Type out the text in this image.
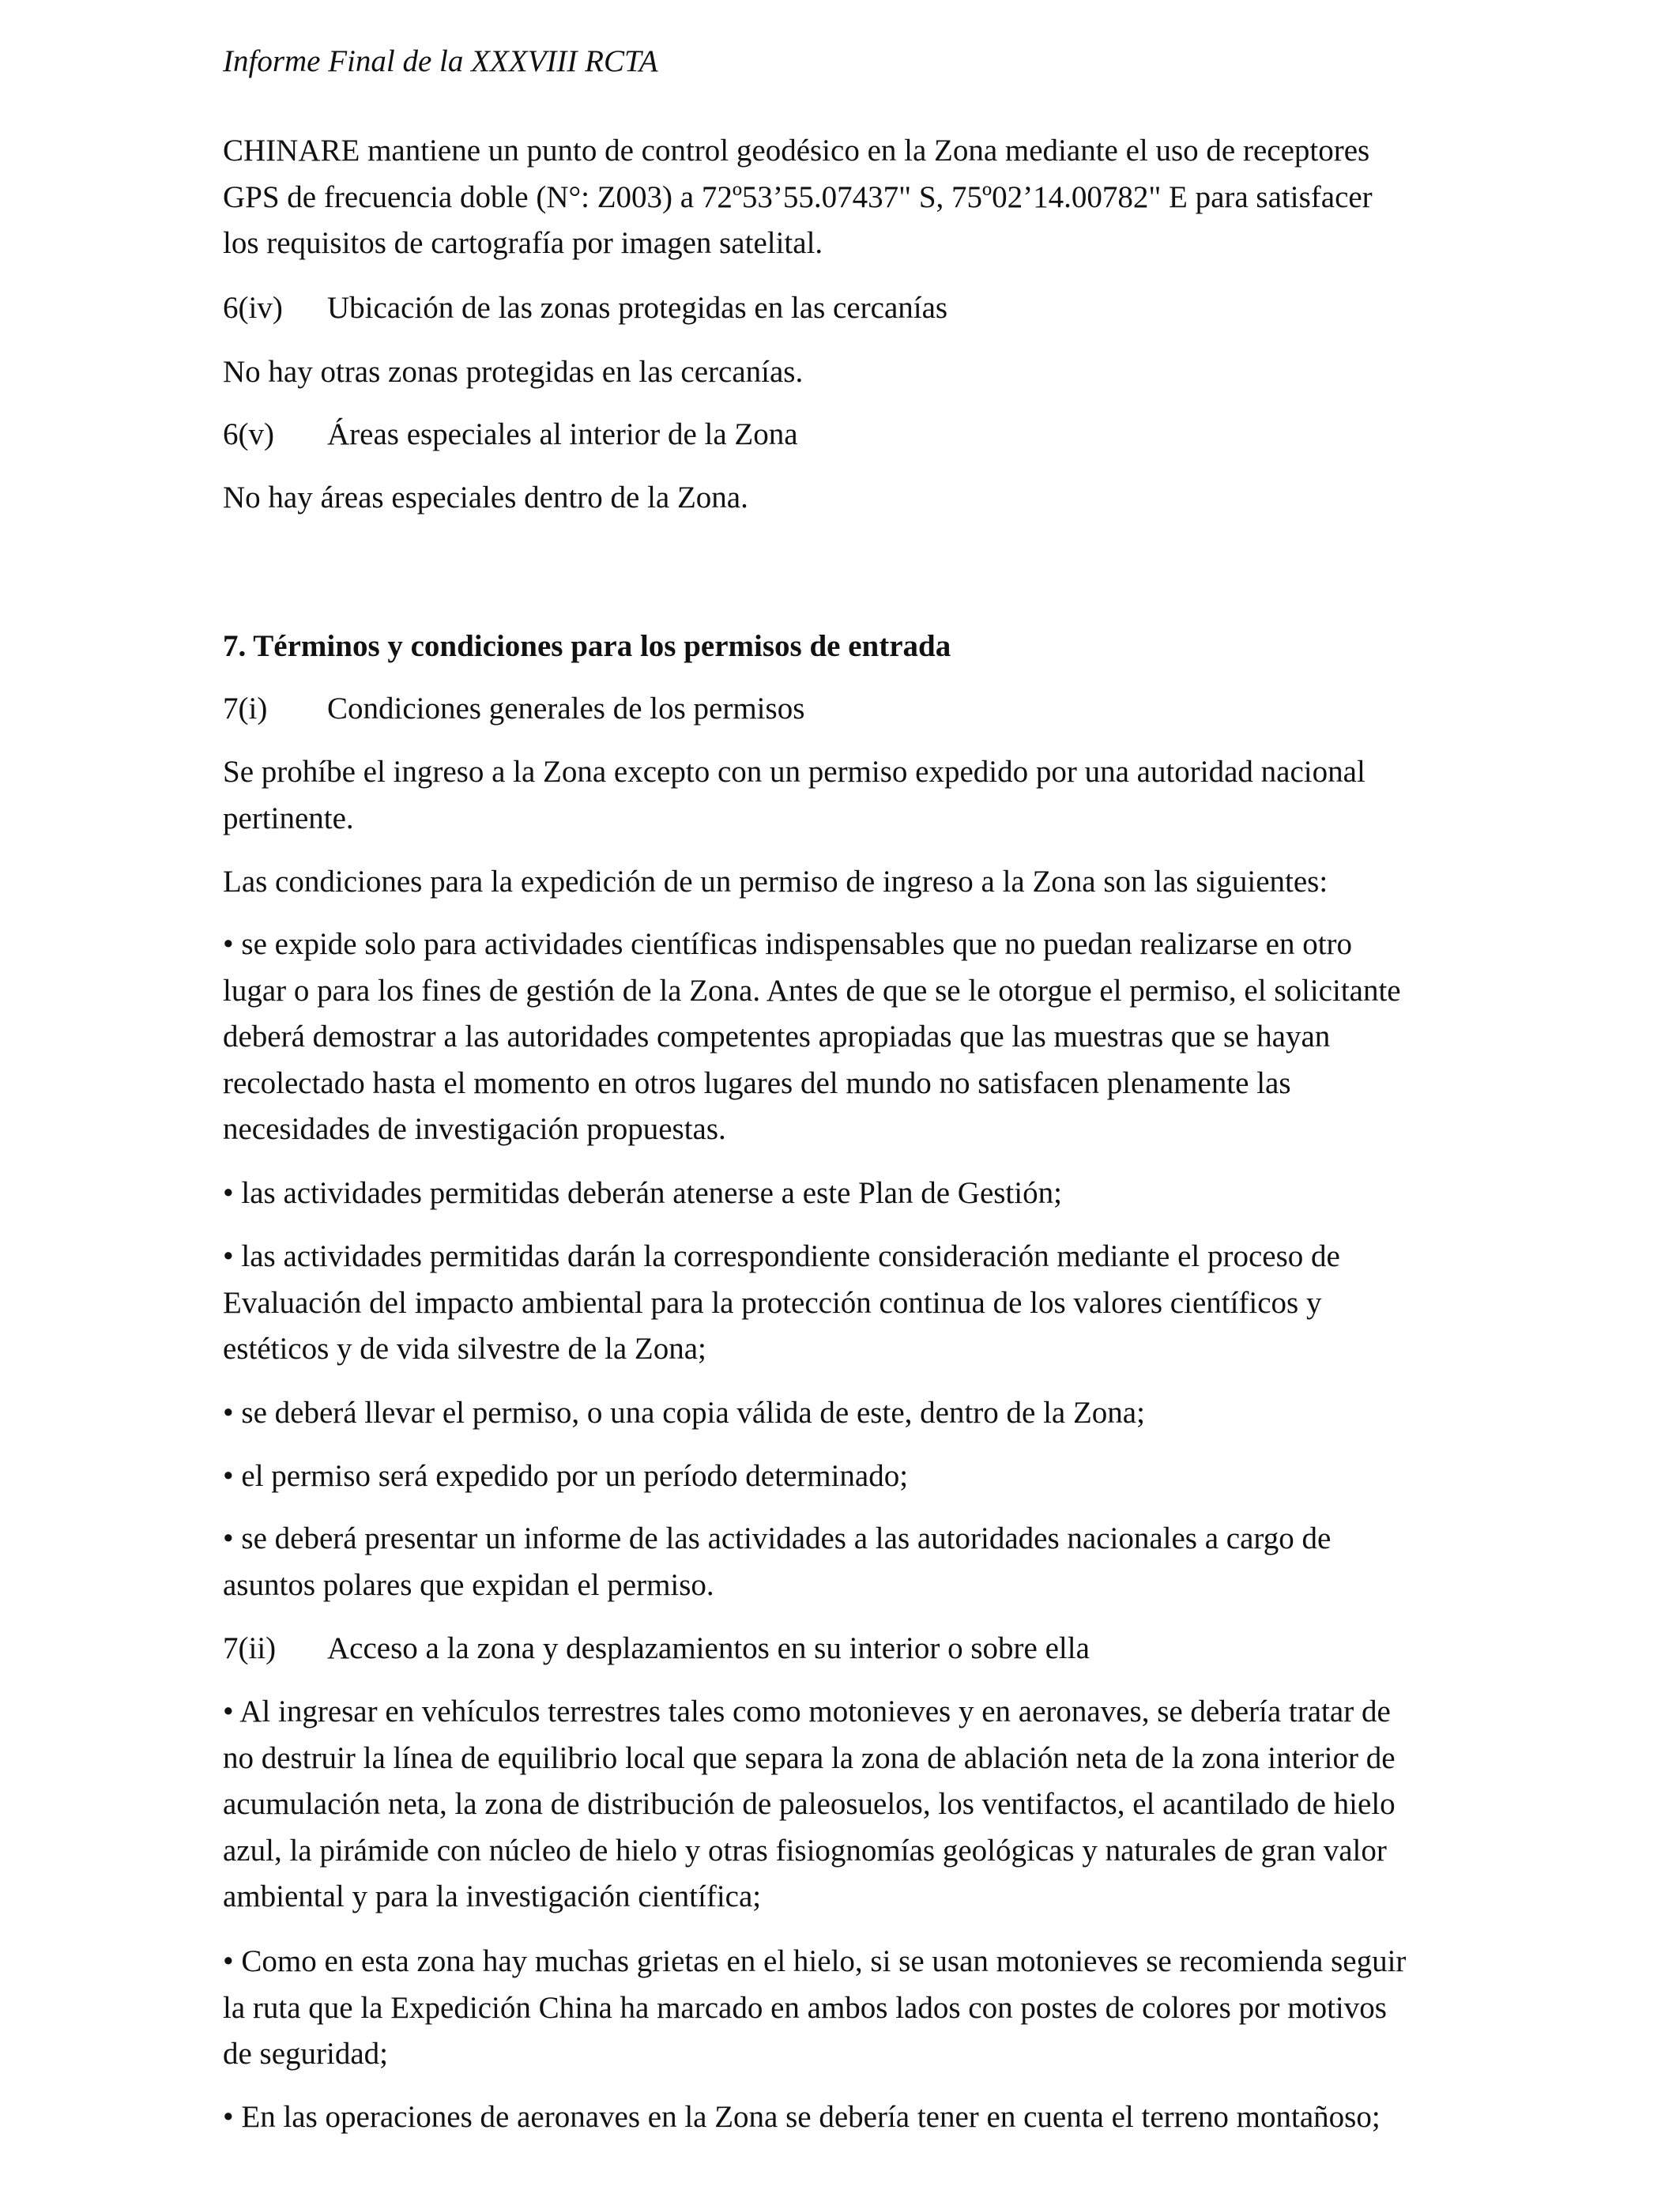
Informe Final de la XXXVIII RCTA
CHINARE mantiene un punto de control geodésico en la Zona mediante el uso de receptores
GPS de frecuencia doble (N°: Z003) a 72º53’55.07437" S, 75º02’14.00782" E para satisfacer
los requisitos de cartografía por imagen satelital.
6(iv) Ubicación de las zonas protegidas en las cercanías
No hay otras zonas protegidas en las cercanías.
6(v) Áreas especiales al interior de la Zona
No hay áreas especiales dentro de la Zona.
7. Términos y condiciones para los permisos de entrada
7(i) Condiciones generales de los permisos
Se prohíbe el ingreso a la Zona excepto con un permiso expedido por una autoridad nacional
pertinente.
Las condiciones para la expedición de un permiso de ingreso a la Zona son las siguientes:
• se expide solo para actividades científicas indispensables que no puedan realizarse en otro
lugar o para los fines de gestión de la Zona. Antes de que se le otorgue el permiso, el solicitante
deberá demostrar a las autoridades competentes apropiadas que las muestras que se hayan
recolectado hasta el momento en otros lugares del mundo no satisfacen plenamente las
necesidades de investigación propuestas.
• las actividades permitidas deberán atenerse a este Plan de Gestión;
• las actividades permitidas darán la correspondiente consideración mediante el proceso de
Evaluación del impacto ambiental para la protección continua de los valores científicos y
estéticos y de vida silvestre de la Zona;
• se deberá llevar el permiso, o una copia válida de este, dentro de la Zona;
• el permiso será expedido por un período determinado;
• se deberá presentar un informe de las actividades a las autoridades nacionales a cargo de
asuntos polares que expidan el permiso.
7(ii) Acceso a la zona y desplazamientos en su interior o sobre ella
• Al ingresar en vehículos terrestres tales como motonieves y en aeronaves, se debería tratar de
no destruir la línea de equilibrio local que separa la zona de ablación neta de la zona interior de
acumulación neta, la zona de distribución de paleosuelos, los ventifactos, el acantilado de hielo
azul, la pirámide con núcleo de hielo y otras fisiognomías geológicas y naturales de gran valor
ambiental y para la investigación científica;
• Como en esta zona hay muchas grietas en el hielo, si se usan motonieves se recomienda seguir
la ruta que la Expedición China ha marcado en ambos lados con postes de colores por motivos
de seguridad;
• En las operaciones de aeronaves en la Zona se debería tener en cuenta el terreno montañoso;
